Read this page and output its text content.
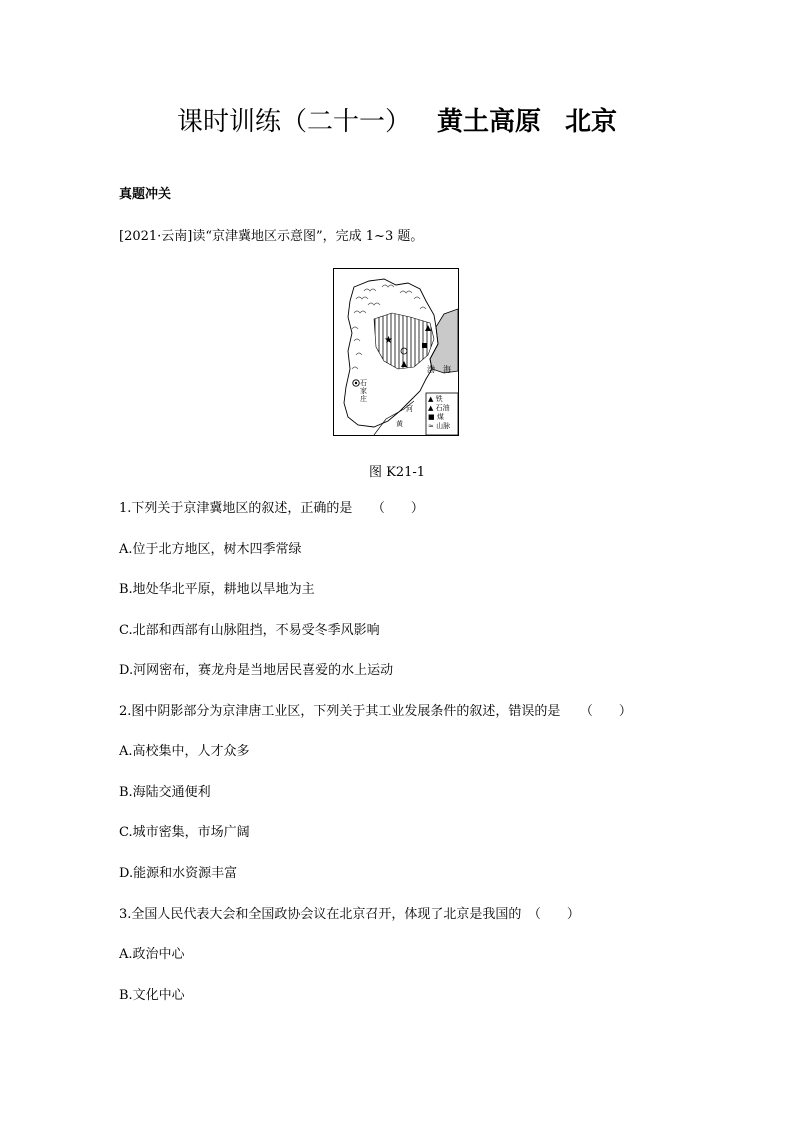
课时训练（二十一） 黄土高原 北京
真题冲关
[2021·云南]读“京津冀地区示意图”，完成 1~3 题。
★
渤 海
石家庄
河
黄
▲ 铁
▲ 石油
■ 煤
≈ 山脉
图 K21-1
1.下列关于京津冀地区的叙述，正确的是　　（　　）
A.位于北方地区，树木四季常绿
B.地处华北平原，耕地以旱地为主
C.北部和西部有山脉阻挡，不易受冬季风影响
D.河网密布，赛龙舟是当地居民喜爱的水上运动
2.图中阴影部分为京津唐工业区，下列关于其工业发展条件的叙述，错误的是　　（　　）
A.高校集中，人才众多
B.海陆交通便利
C.城市密集，市场广阔
D.能源和水资源丰富
3.全国人民代表大会和全国政协会议在北京召开，体现了北京是我国的　（　　）
A.政治中心
B.文化中心
